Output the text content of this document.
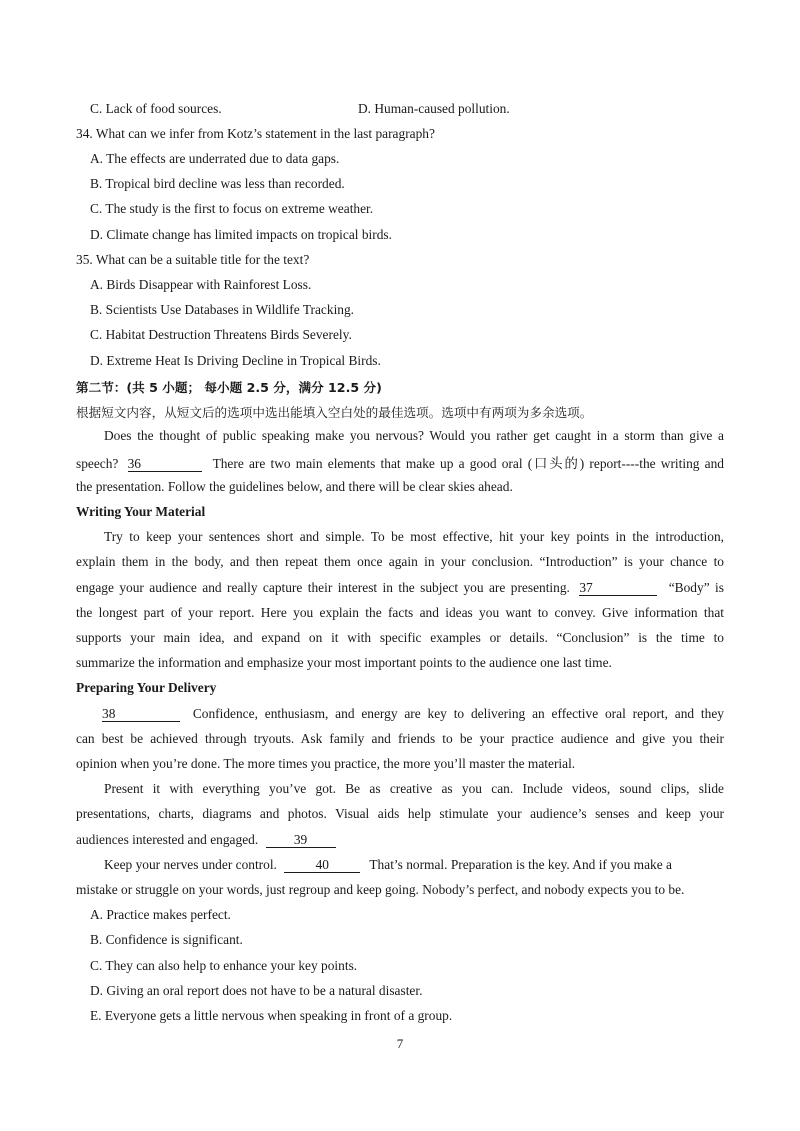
C. Lack of food sources.	D. Human-caused pollution.
34. What can we infer from Kotz’s statement in the last paragraph?
A. The effects are underrated due to data gaps.
B. Tropical bird decline was less than recorded.
C. The study is the first to focus on extreme weather.
D. Climate change has limited impacts on tropical birds.
35. What can be a suitable title for the text?
A. Birds Disappear with Rainforest Loss.
B. Scientists Use Databases in Wildlife Tracking.
C. Habitat Destruction Threatens Birds Severely.
D. Extreme Heat Is Driving Decline in Tropical Birds.
第二节：(共 5 小题； 每小题 2.5 分，满分 12.5 分)
根据短文内容，从短文后的选项中选出能填入空白处的最佳选项。选项中有两项为多余选项。
Does the thought of public speaking make you nervous? Would you rather get caught in a storm than give a
speech? 36	There are two main elements that make up a good oral (口头的) report----the writing and
the presentation. Follow the guidelines below, and there will be clear skies ahead.
Writing Your Material
Try to keep your sentences short and simple. To be most effective, hit your key points in the introduction,
explain them in the body, and then repeat them once again in your conclusion. “Introduction” is your chance to
engage your audience and really capture their interest in the subject you are presenting. 37	“Body” is
the longest part of your report. Here you explain the facts and ideas you want to convey. Give information that
supports your main idea, and expand on it with specific examples or details. “Conclusion” is the time to
summarize the information and emphasize your most important points to the audience one last time.
Preparing Your Delivery
38	Confidence, enthusiasm, and energy are key to delivering an effective oral report, and they
can best be achieved through tryouts. Ask family and friends to be your practice audience and give you their
opinion when you’re done. The more times you practice, the more you’ll master the material.
Present it with everything you’ve got. Be as creative as you can. Include videos, sound clips, slide
presentations, charts, diagrams and photos. Visual aids help stimulate your audience’s senses and keep your
audiences interested and engaged.	39
Keep your nerves under control.	40	That’s normal. Preparation is the key. And if you make a
mistake or struggle on your words, just regroup and keep going. Nobody’s perfect, and nobody expects you to be.
A. Practice makes perfect.
B. Confidence is significant.
C. They can also help to enhance your key points.
D. Giving an oral report does not have to be a natural disaster.
E. Everyone gets a little nervous when speaking in front of a group.
7
